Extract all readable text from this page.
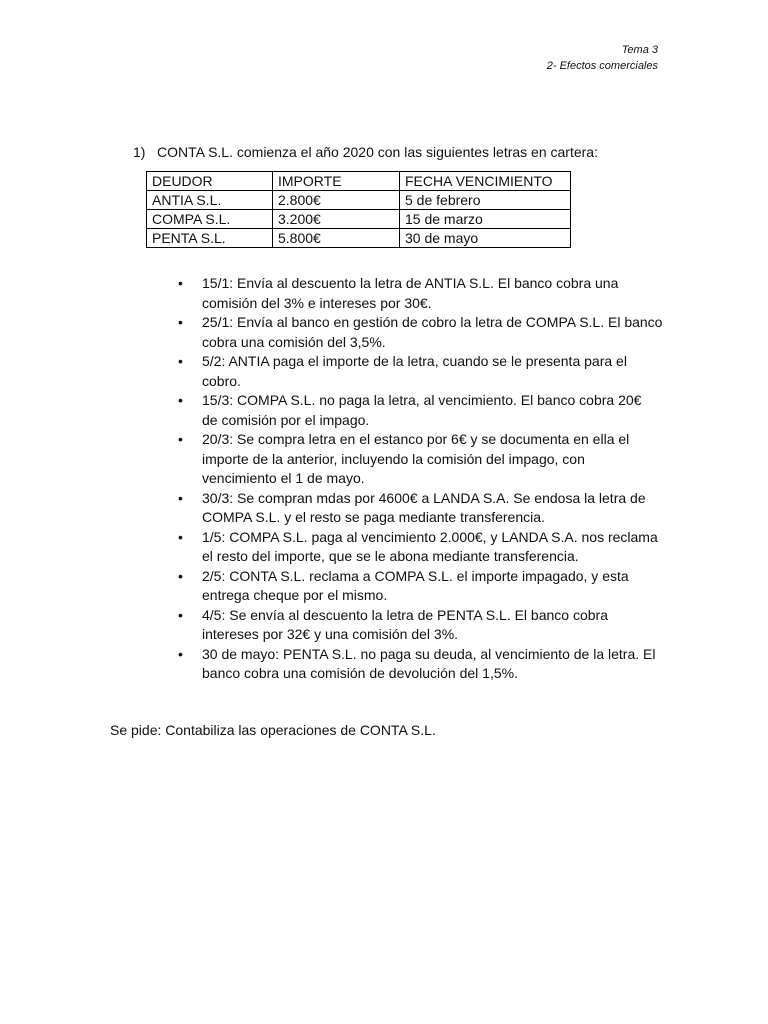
Tema 3
2- Efectos comerciales
1) CONTA S.L. comienza el año 2020 con las siguientes letras en cartera:
DEUDOR	IMPORTE	FECHA VENCIMIENTO
ANTIA S.L.	2.800€	5 de febrero
COMPA S.L.	3.200€	15 de marzo
PENTA S.L.	5.800€	30 de mayo
• 15/1: Envía al descuento la letra de ANTIA S.L. El banco cobra una
comisión del 3% e intereses por 30€.
• 25/1: Envía al banco en gestión de cobro la letra de COMPA S.L. El banco
cobra una comisión del 3,5%.
• 5/2: ANTIA paga el importe de la letra, cuando se le presenta para el
cobro.
• 15/3: COMPA S.L. no paga la letra, al vencimiento. El banco cobra 20€
de comisión por el impago.
• 20/3: Se compra letra en el estanco por 6€ y se documenta en ella el
importe de la anterior, incluyendo la comisión del impago, con
vencimiento el 1 de mayo.
• 30/3: Se compran mdas por 4600€ a LANDA S.A. Se endosa la letra de
COMPA S.L. y el resto se paga mediante transferencia.
• 1/5: COMPA S.L. paga al vencimiento 2.000€, y LANDA S.A. nos reclama
el resto del importe, que se le abona mediante transferencia.
• 2/5: CONTA S.L. reclama a COMPA S.L. el importe impagado, y esta
entrega cheque por el mismo.
• 4/5: Se envía al descuento la letra de PENTA S.L. El banco cobra
intereses por 32€ y una comisión del 3%.
• 30 de mayo: PENTA S.L. no paga su deuda, al vencimiento de la letra. El
banco cobra una comisión de devolución del 1,5%.
Se pide: Contabiliza las operaciones de CONTA S.L.
